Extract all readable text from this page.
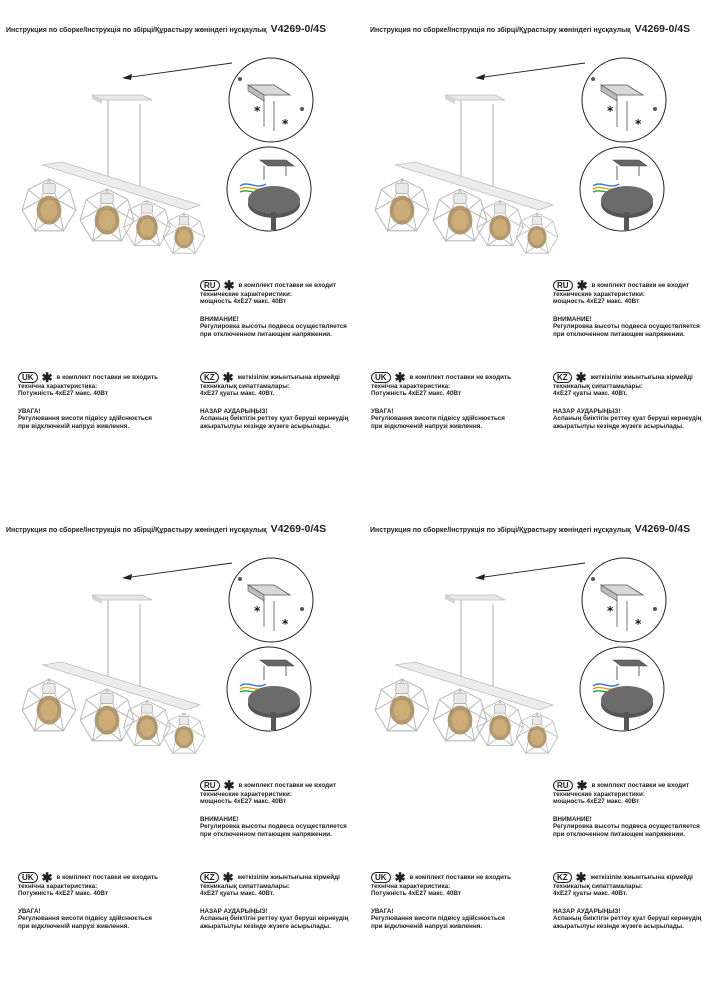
Инструкция по сборке/Інструкція по збірці/Құрастыру жөніндегі нұсқаулық V4269-0/4S
*
*
RU ✱ в комплект поставки не входит
технические характеристики:
мощность 4хE27 макс. 40Вт
ВНИМАНИЕ!
Регулировка высоты подвеса осуществляется
при отключенном питающем напряжении.
UK ✱ в комплект поставки не входить
технічна характеристика:
Потужність 4хE27 макс. 40Вт
УВАГА!
Регулювання висоти підвісу здійснюється
при відключеній напрузі живлення.
KZ ✱ жеткізілім жиынтығына кірмейді
техникалық сипаттамалары:
4хE27 қуаты макс. 40Вт.
НАЗАР АУДАРЫҢЫЗ!
Аспаның биіктігін реттеу қуат беруші кернеудің
ажыратылуы кезінде жүзеге асырылады.
Инструкция по сборке/Інструкція по збірці/Құрастыру жөніндегі нұсқаулық V4269-0/4S
*
*
RU ✱ в комплект поставки не входит
технические характеристики:
мощность 4хE27 макс. 40Вт
ВНИМАНИЕ!
Регулировка высоты подвеса осуществляется
при отключенном питающем напряжении.
UK ✱ в комплект поставки не входить
технічна характеристика:
Потужність 4хE27 макс. 40Вт
УВАГА!
Регулювання висоти підвісу здійснюється
при відключеній напрузі живлення.
KZ ✱ жеткізілім жиынтығына кірмейді
техникалық сипаттамалары:
4хE27 қуаты макс. 40Вт.
НАЗАР АУДАРЫҢЫЗ!
Аспаның биіктігін реттеу қуат беруші кернеудің
ажыратылуы кезінде жүзеге асырылады.
Инструкция по сборке/Інструкція по збірці/Құрастыру жөніндегі нұсқаулық V4269-0/4S
*
*
RU ✱ в комплект поставки не входит
технические характеристики:
мощность 4хE27 макс. 40Вт
ВНИМАНИЕ!
Регулировка высоты подвеса осуществляется
при отключенном питающем напряжении.
UK ✱ в комплект поставки не входить
технічна характеристика:
Потужність 4хE27 макс. 40Вт
УВАГА!
Регулювання висоти підвісу здійснюється
при відключеній напрузі живлення.
KZ ✱ жеткізілім жиынтығына кірмейді
техникалық сипаттамалары:
4хE27 қуаты макс. 40Вт.
НАЗАР АУДАРЫҢЫЗ!
Аспаның биіктігін реттеу қуат беруші кернеудің
ажыратылуы кезінде жүзеге асырылады.
Инструкция по сборке/Інструкція по збірці/Құрастыру жөніндегі нұсқаулық V4269-0/4S
*
*
RU ✱ в комплект поставки не входит
технические характеристики:
мощность 4хE27 макс. 40Вт
ВНИМАНИЕ!
Регулировка высоты подвеса осуществляется
при отключенном питающем напряжении.
UK ✱ в комплект поставки не входить
технічна характеристика:
Потужність 4хE27 макс. 40Вт
УВАГА!
Регулювання висоти підвісу здійснюється
при відключеній напрузі живлення.
KZ ✱ жеткізілім жиынтығына кірмейді
техникалық сипаттамалары:
4хE27 қуаты макс. 40Вт.
НАЗАР АУДАРЫҢЫЗ!
Аспаның биіктігін реттеу қуат беруші кернеудің
ажыратылуы кезінде жүзеге асырылады.
